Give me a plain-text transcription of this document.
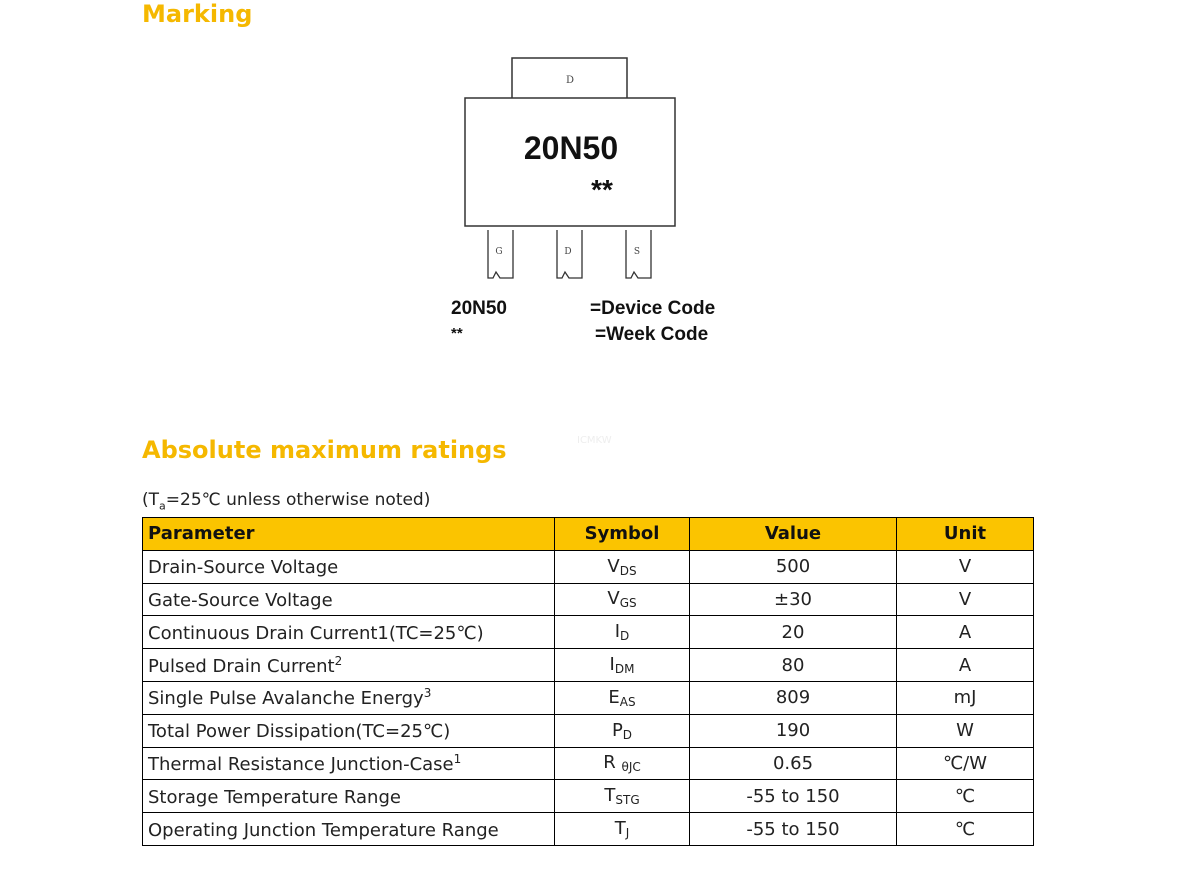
Marking
D
20N50
**
G	D	S
20N50	=Device Code
**	=Week Code
Absolute maximum ratings	ICMKW
($T_a=25℃$ unless otherwise noted)
Parameter	Symbol	Value	Unit
Drain-Source Voltage	$V_{DS}$	500	V
Gate-Source Voltage	$V_{GS}$	±30	V
Continuous Drain Current1(TC=25℃)	$I_D$	20	A
Pulsed Drain Current$^2$	$I_{DM}$	80	A
Single Pulse Avalanche Energy$^3$	$E_{AS}$	809	mJ
Total Power Dissipation(TC=25℃)	$P_D$	190	W
Thermal Resistance Junction-Case$^1$	R $_{\theta JC}$	0.65	℃/W
Storage Temperature Range	$T_{STG}$	-55 to 150	℃
Operating Junction Temperature Range	$T_J$	-55 to 150	℃
